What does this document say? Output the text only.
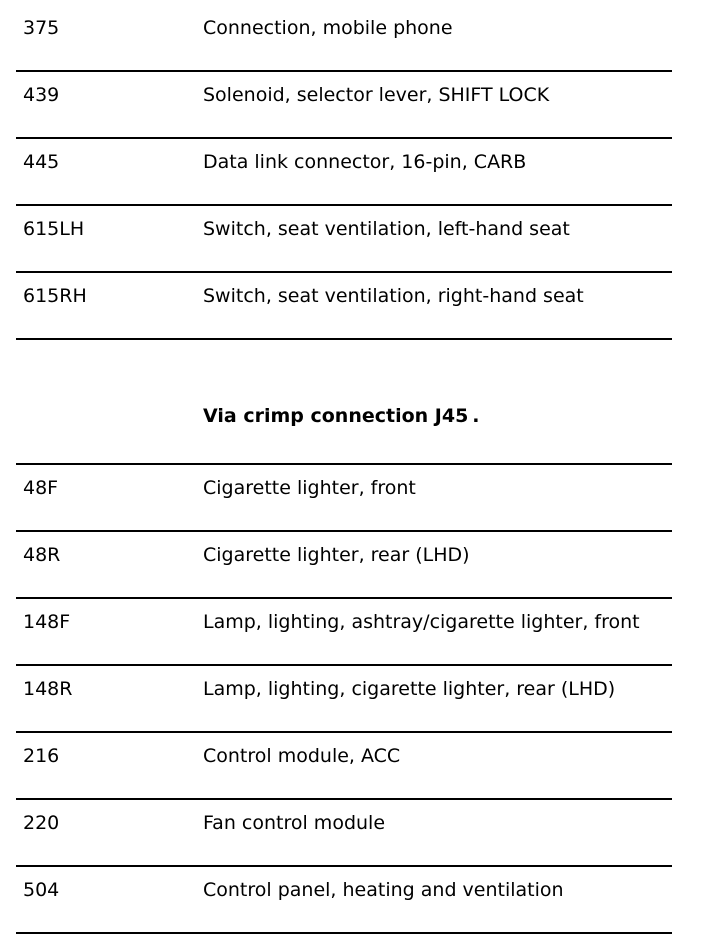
375	Connection, mobile phone
439	Solenoid, selector lever, SHIFT LOCK
445	Data link connector, 16-pin, CARB
615LH	Switch, seat ventilation, left-hand seat
615RH	Switch, seat ventilation, right-hand seat
Via crimp connection J45 .
48F	Cigarette lighter, front
48R	Cigarette lighter, rear (LHD)
148F	Lamp, lighting, ashtray/cigarette lighter, front
148R	Lamp, lighting, cigarette lighter, rear (LHD)
216	Control module, ACC
220	Fan control module
504	Control panel, heating and ventilation
